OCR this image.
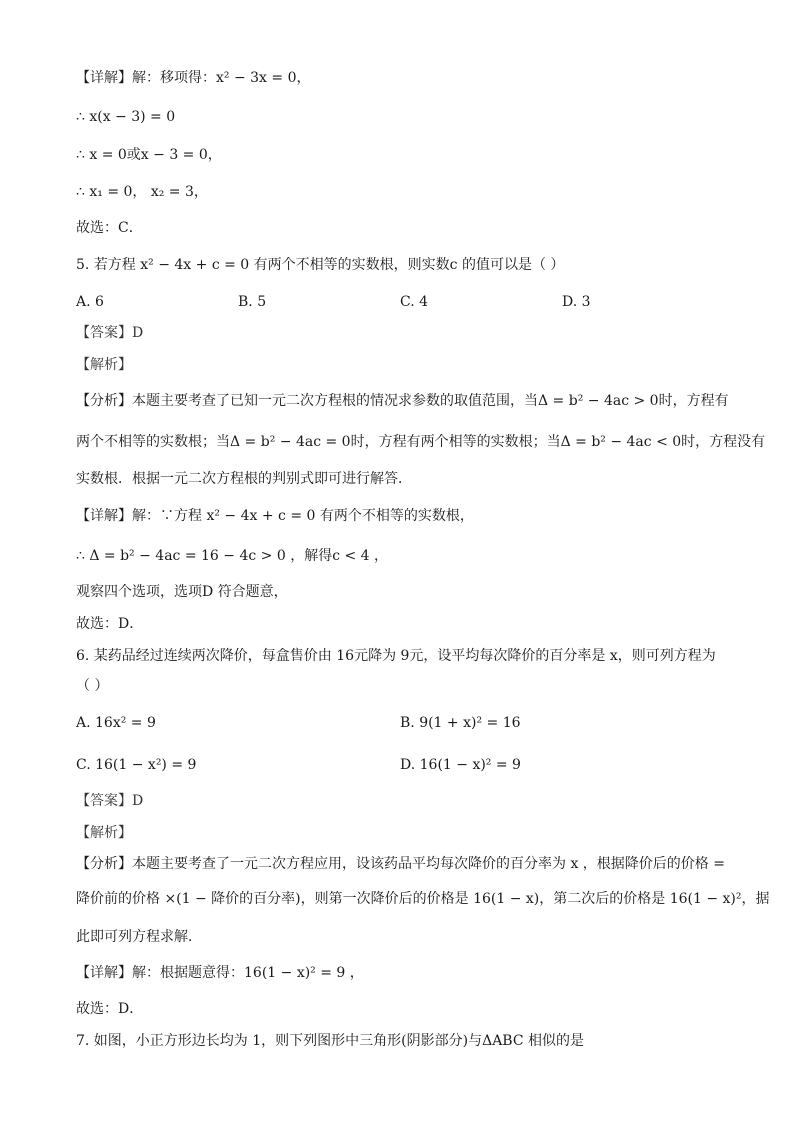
【详解】解：移项得：x² − 3x = 0，
∴ x(x − 3) = 0
∴ x = 0或x − 3 = 0，
∴ x₁ = 0， x₂ = 3，
故选：C．
5. 若方程 x² − 4x + c = 0 有两个不相等的实数根，则实数c 的值可以是（ ）
A. 6	B. 5	C. 4	D. 3
【答案】D
【解析】
【分析】本题主要考查了已知一元二次方程根的情况求参数的取值范围，当Δ = b² − 4ac > 0时，方程有
两个不相等的实数根；当Δ = b² − 4ac = 0时，方程有两个相等的实数根；当Δ = b² − 4ac < 0时，方程没有
实数根．根据一元二次方程根的判别式即可进行解答．
【详解】解：∵方程 x² − 4x + c = 0 有两个不相等的实数根，
∴ Δ = b² − 4ac = 16 − 4c > 0 ，解得c < 4 ，
观察四个选项，选项D 符合题意，
故选：D．
6. 某药品经过连续两次降价，每盒售价由 16元降为 9元，设平均每次降价的百分率是 x，则可列方程为
（ ）
A. 16x² = 9	B. 9(1 + x)² = 16
C. 16(1 − x²) = 9	D. 16(1 − x)² = 9
【答案】D
【解析】
【分析】本题主要考查了一元二次方程应用，设该药品平均每次降价的百分率为 x ，根据降价后的价格 =
降价前的价格 ×(1 − 降价的百分率)，则第一次降价后的价格是 16(1 − x)，第二次后的价格是 16(1 − x)²，据
此即可列方程求解．
【详解】解：根据题意得：16(1 − x)² = 9 ，
故选：D．
7. 如图，小正方形边长均为 1，则下列图形中三角形(阴影部分)与ΔABC 相似的是
